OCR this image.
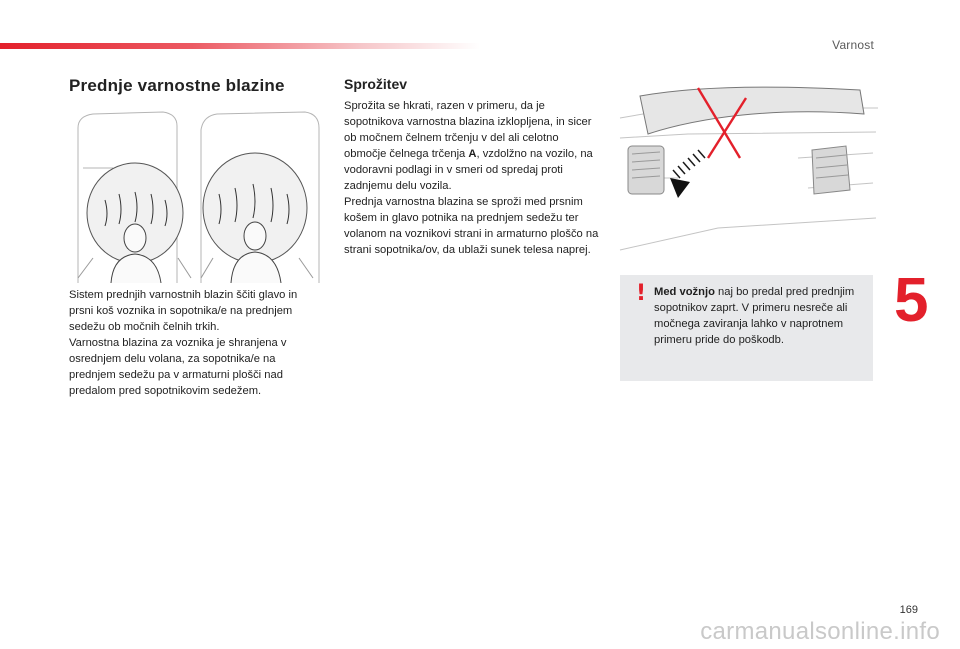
Varnost
Prednje varnostne blazine

Sistem prednjih varnostnih blazin ščiti glavo in prsni koš voznika in sopotnika/e na prednjem sedežu ob močnih čelnih trkih.

Varnostna blazina za voznika je shranjena v osrednjem delu volana, za sopotnika/e na prednjem sedežu pa v armaturni plošči nad predalom pred sopotnikovim sedežem.

Sprožitev

Sprožita se hkrati, razen v primeru, da je sopotnikova varnostna blazina izklopljena, in sicer ob močnem čelnem trčenju v del ali celotno območje čelnega trčenja A, vzdolžno na vozilo, na vodoravni podlagi in v smeri od spredaj proti zadnjemu delu vozila.

Prednja varnostna blazina se sproži med prsnim košem in glavo potnika na prednjem sedežu ter volanom na voznikovi strani in armaturno ploščo na strani sopotnika/ov, da ublaži sunek telesa naprej.

! Med vožnjo naj bo predal pred prednjim sopotnikov zaprt. V primeru nesreče ali močnega zaviranja lahko v naprotnem primeru pride do poškodb.
5
169
carmanualsonline.info
